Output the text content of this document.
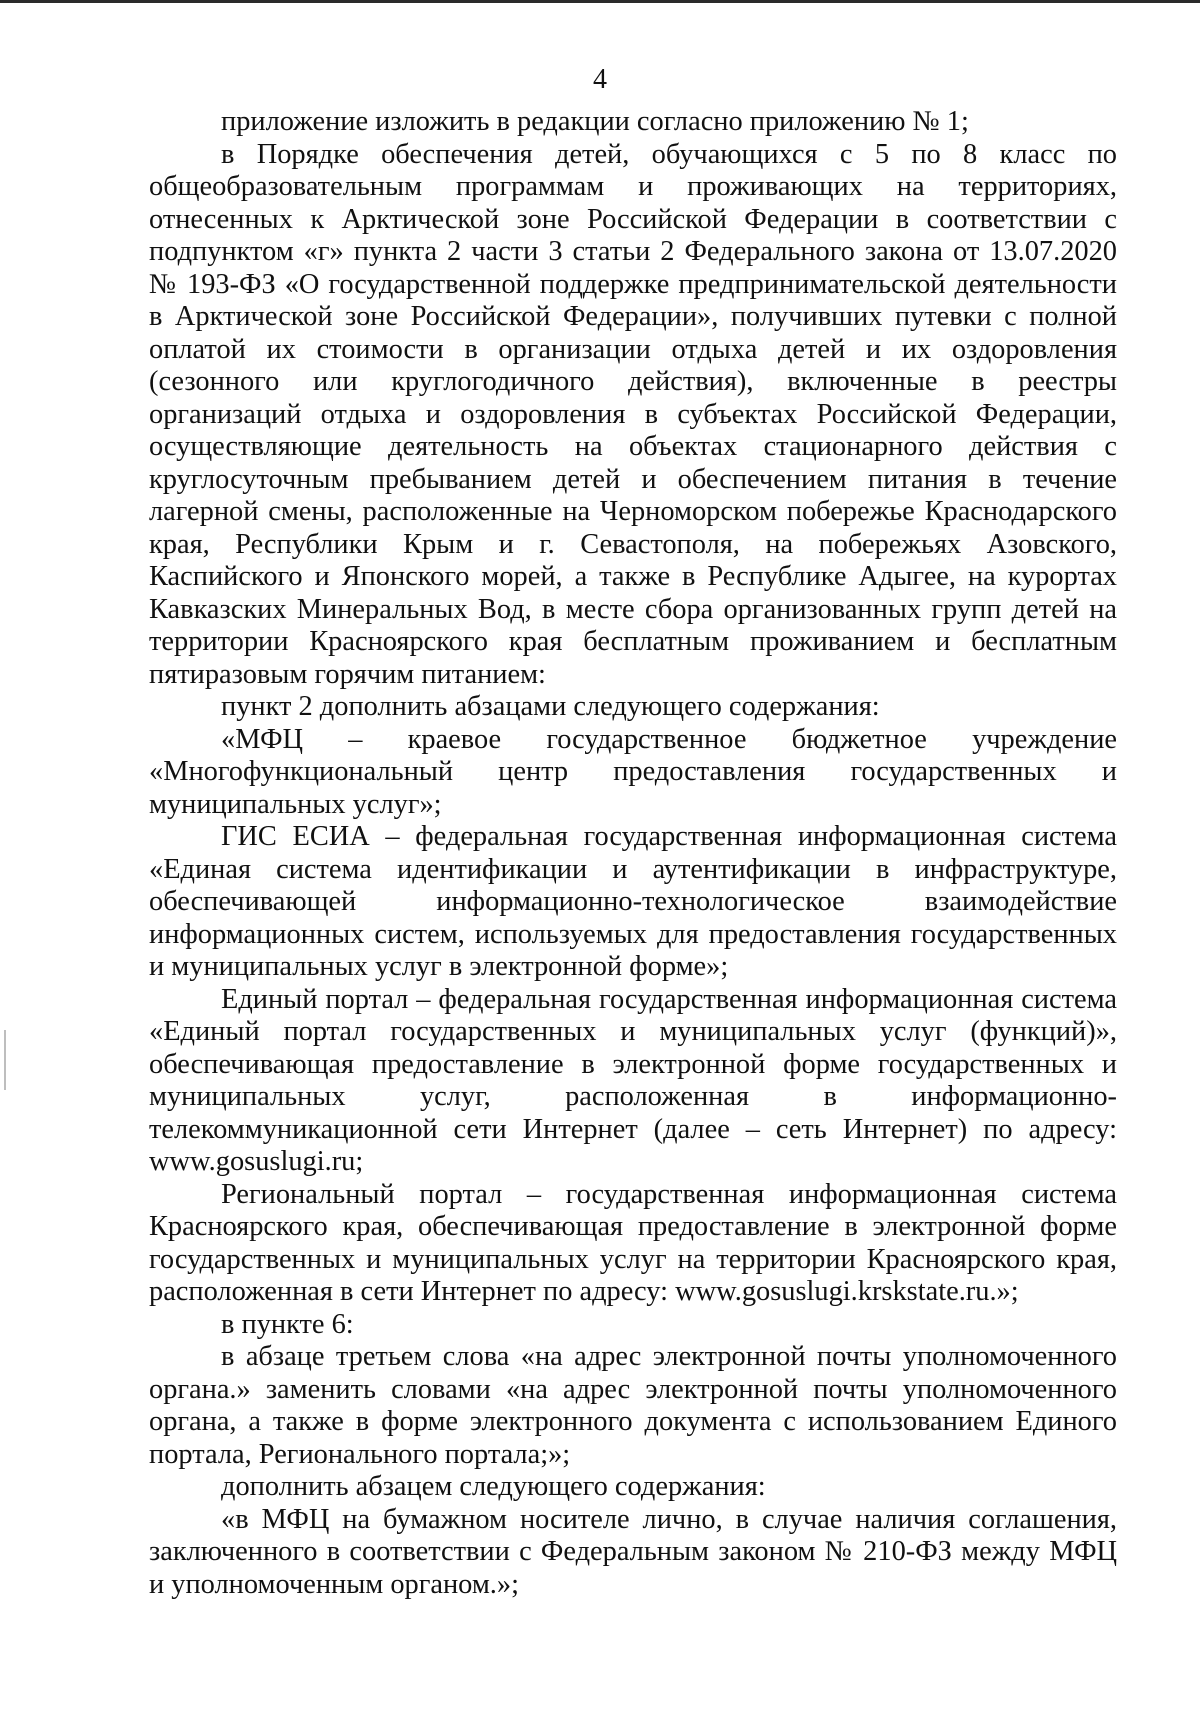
4

приложение изложить в редакции согласно приложению № 1;

в Порядке обеспечения детей, обучающихся с 5 по 8 класс по общеобразовательным программам и проживающих на территориях, отнесенных к Арктической зоне Российской Федерации в соответствии с подпунктом «г» пункта 2 части 3 статьи 2 Федерального закона от 13.07.2020 № 193-ФЗ «О государственной поддержке предпринимательской деятельности в Арктической зоне Российской Федерации», получивших путевки с полной оплатой их стоимости в организации отдыха детей и их оздоровления (сезонного или круглогодичного действия), включенные в реестры организаций отдыха и оздоровления в субъектах Российской Федерации, осуществляющие деятельность на объектах стационарного действия с круглосуточным пребыванием детей и обеспечением питания в течение лагерной смены, расположенные на Черноморском побережье Краснодарского края, Республики Крым и г. Севастополя, на побережьях Азовского, Каспийского и Японского морей, а также в Республике Адыгее, на курортах Кавказских Минеральных Вод, в месте сбора организованных групп детей на территории Красноярского края бесплатным проживанием и бесплатным пятиразовым горячим питанием:

пункт 2 дополнить абзацами следующего содержания:

«МФЦ – краевое государственное бюджетное учреждение «Многофункциональный центр предоставления государственных и муниципальных услуг»;

ГИС ЕСИА – федеральная государственная информационная система «Единая система идентификации и аутентификации в инфраструктуре, обеспечивающей информационно-технологическое взаимодействие информационных систем, используемых для предоставления государственных и муниципальных услуг в электронной форме»;

Единый портал – федеральная государственная информационная система «Единый портал государственных и муниципальных услуг (функций)», обеспечивающая предоставление в электронной форме государственных и муниципальных услуг, расположенная в информационно-телекоммуникационной сети Интернет (далее – сеть Интернет) по адресу: www.gosuslugi.ru;

Региональный портал – государственная информационная система Красноярского края, обеспечивающая предоставление в электронной форме государственных и муниципальных услуг на территории Красноярского края, расположенная в сети Интернет по адресу: www.gosuslugi.krskstate.ru.»;

в пункте 6:

в абзаце третьем слова «на адрес электронной почты уполномоченного органа.» заменить словами «на адрес электронной почты уполномоченного органа, а также в форме электронного документа с использованием Единого портала, Регионального портала;»;

дополнить абзацем следующего содержания:

«в МФЦ на бумажном носителе лично, в случае наличия соглашения, заключенного в соответствии с Федеральным законом № 210-ФЗ между МФЦ и уполномоченным органом.»;
